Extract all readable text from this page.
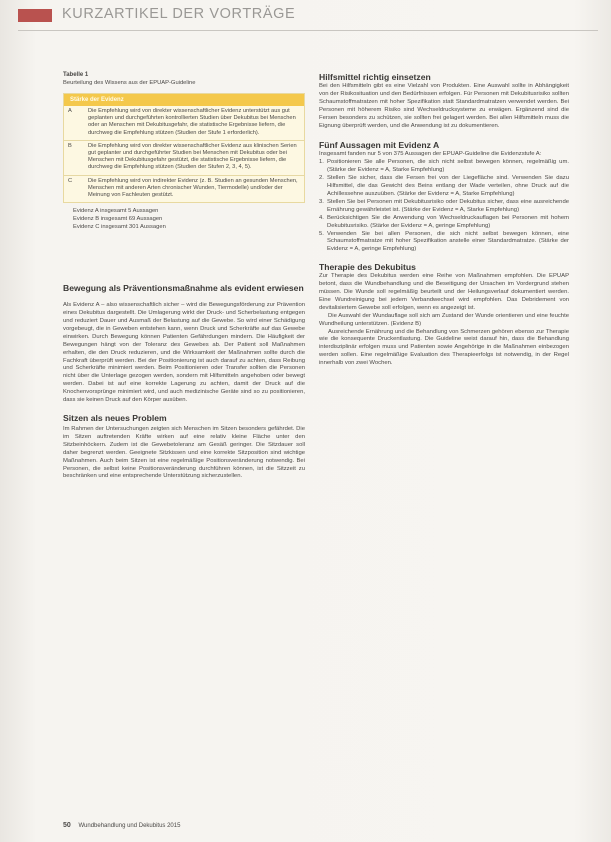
KURZARTIKEL DER VORTRÄGE
Tabelle 1
Beurteilung des Wissens aus der EPUAP-Guideline
Stärke der Evidenz
A	Die Empfehlung wird von direkter wissenschaftlicher Evidenz unterstützt aus gut geplanten und durchgeführten kontrollierten Studien über Dekubitus bei Menschen oder an Menschen mit Dekubitusgefahr, die statistische Ergebnisse liefern, die durchweg die Empfehlung stützen (Studien der Stufe 1 erforderlich).
B	Die Empfehlung wird von direkter wissenschaftlicher Evidenz aus klinischen Serien gut geplanter und durchgeführter Studien bei Menschen mit Dekubitus oder bei Menschen mit Dekubitusgefahr gestützt, die statistische Ergebnisse liefern, die durchweg die Empfehlung stützen (Studien der Stufen 2, 3, 4, 5).
C	Die Empfehlung wird von indirekter Evidenz (z. B. Studien an gesunden Menschen, Menschen mit anderen Arten chronischer Wunden, Tiermodelle) und/oder der Meinung von Fachleuten gestützt.
Evidenz A insgesamt 5 Aussagen
Evidenz B insgesamt 69 Aussagen
Evidenz C insgesamt 301 Aussagen
Bewegung als Präventionsmaßnahme als evident erwiesen

Als Evidenz A – also wissenschaftlich sicher – wird die Bewegungsförderung zur Prävention eines Dekubitus dargestellt. Die Umlagerung wirkt der Druck- und Scherbelastung entgegen und reduziert Dauer und Ausmaß der Belastung auf die Gewebe. So wird einer Schädigung vorgebeugt, die in Geweben entstehen kann, wenn Druck und Scherkräfte auf das Gewebe einwirken. Durch Bewegung können Patienten Gefährdungen mindern. Die Häufigkeit der Bewegungen hängt von der Toleranz des Gewebes ab. Der Patient soll Maßnahmen erhalten, die den Druck reduzieren, und die Wirksamkeit der Maßnahmen sollte durch die Fachkraft überprüft werden. Bei der Positionierung ist auch darauf zu achten, dass Reibung und Scherkräfte minimiert werden. Beim Positionieren oder Transfer sollten die Personen nicht über die Unterlage gezogen werden, sondern mit Hilfsmitteln angehoben oder bewegt werden. Dabei ist auf eine korrekte Lagerung zu achten, damit der Druck auf die Knochenvorsprünge minimiert wird, und auch medizinische Geräte sind so zu positionieren, dass sie keinen Druck auf den Körper ausüben.

Sitzen als neues Problem

Im Rahmen der Untersuchungen zeigten sich Menschen im Sitzen besonders gefährdet. Die im Sitzen auftretenden Kräfte wirken auf eine relativ kleine Fläche unter den Sitzbeinhöckern. Zudem ist die Gewebetoleranz am Gesäß geringer. Die Sitzdauer soll daher begrenzt werden. Geeignete Sitzkissen und eine korrekte Sitzposition sind wichtige Maßnahmen. Auch beim Sitzen ist eine regelmäßige Positionsveränderung notwendig. Bei Personen, die selbst keine Positionsveränderung durchführen können, ist die Sitzzeit zu beschränken und eine entsprechende Unterstützung sicherzustellen.

Hilfsmittel richtig einsetzen

Bei den Hilfsmitteln gibt es eine Vielzahl von Produkten. Eine Auswahl sollte in Abhängigkeit von der Risikosituation und den Bedürfnissen erfolgen. Für Personen mit Dekubitusrisiko sollten Schaumstoffmatratzen mit hoher Spezifikation statt Standardmatratzen verwendet werden. Bei Personen mit höherem Risiko sind Wechseldrucksysteme zu erwägen. Ergänzend sind die Fersen besonders zu schützen, sie sollten frei gelagert werden. Bei allen Hilfsmitteln muss die Eignung überprüft werden, und die Anwendung ist zu dokumentieren.

Fünf Aussagen mit Evidenz A

Insgesamt fanden nur 5 von 375 Aussagen der EPUAP-Guideline die Evidenzstufe A:

1. Positionieren Sie alle Personen, die sich nicht selbst bewegen können, regelmäßig um. (Stärke der Evidenz = A, Starke Empfehlung)
2. Stellen Sie sicher, dass die Fersen frei von der Liegefläche sind. Verwenden Sie dazu Hilfsmittel, die das Gewicht des Beins entlang der Wade verteilen, ohne Druck auf die Achillessehne auszuüben. (Stärke der Evidenz = A, Starke Empfehlung)
3. Stellen Sie bei Personen mit Dekubitusrisiko oder Dekubitus sicher, dass eine ausreichende Ernährung gewährleistet ist. (Stärke der Evidenz = A, Starke Empfehlung)
4. Berücksichtigen Sie die Anwendung von Wechseldruckauflagen bei Personen mit hohem Dekubitusrisiko. (Stärke der Evidenz = A, geringe Empfehlung)
5. Verwenden Sie bei allen Personen, die sich nicht selbst bewegen können, eine Schaumstoffmatratze mit hoher Spezifikation anstelle einer Standardmatratze. (Stärke der Evidenz = A, geringe Empfehlung)
Therapie des Dekubitus

Zur Therapie des Dekubitus werden eine Reihe von Maßnahmen empfohlen. Die EPUAP betont, dass die Wundbehandlung und die Beseitigung der Ursachen im Vordergrund stehen müssen. Die Wunde soll regelmäßig beurteilt und der Heilungsverlauf dokumentiert werden. Eine Wundreinigung bei jedem Verbandwechsel wird empfohlen. Das Debridement von devitalisiertem Gewebe soll erfolgen, wenn es angezeigt ist.

Die Auswahl der Wundauflage soll sich am Zustand der Wunde orientieren und eine feuchte Wundheilung unterstützen. (Evidenz B)

Ausreichende Ernährung und die Behandlung von Schmerzen gehören ebenso zur Therapie wie die konsequente Druckentlastung. Die Guideline weist darauf hin, dass die Behandlung interdisziplinär erfolgen muss und Patienten sowie Angehörige in die Maßnahmen einbezogen werden sollen. Eine regelmäßige Evaluation des Therapieerfolgs ist notwendig, in der Regel innerhalb von zwei Wochen.

50 Wundbehandlung und Dekubitus 2015
